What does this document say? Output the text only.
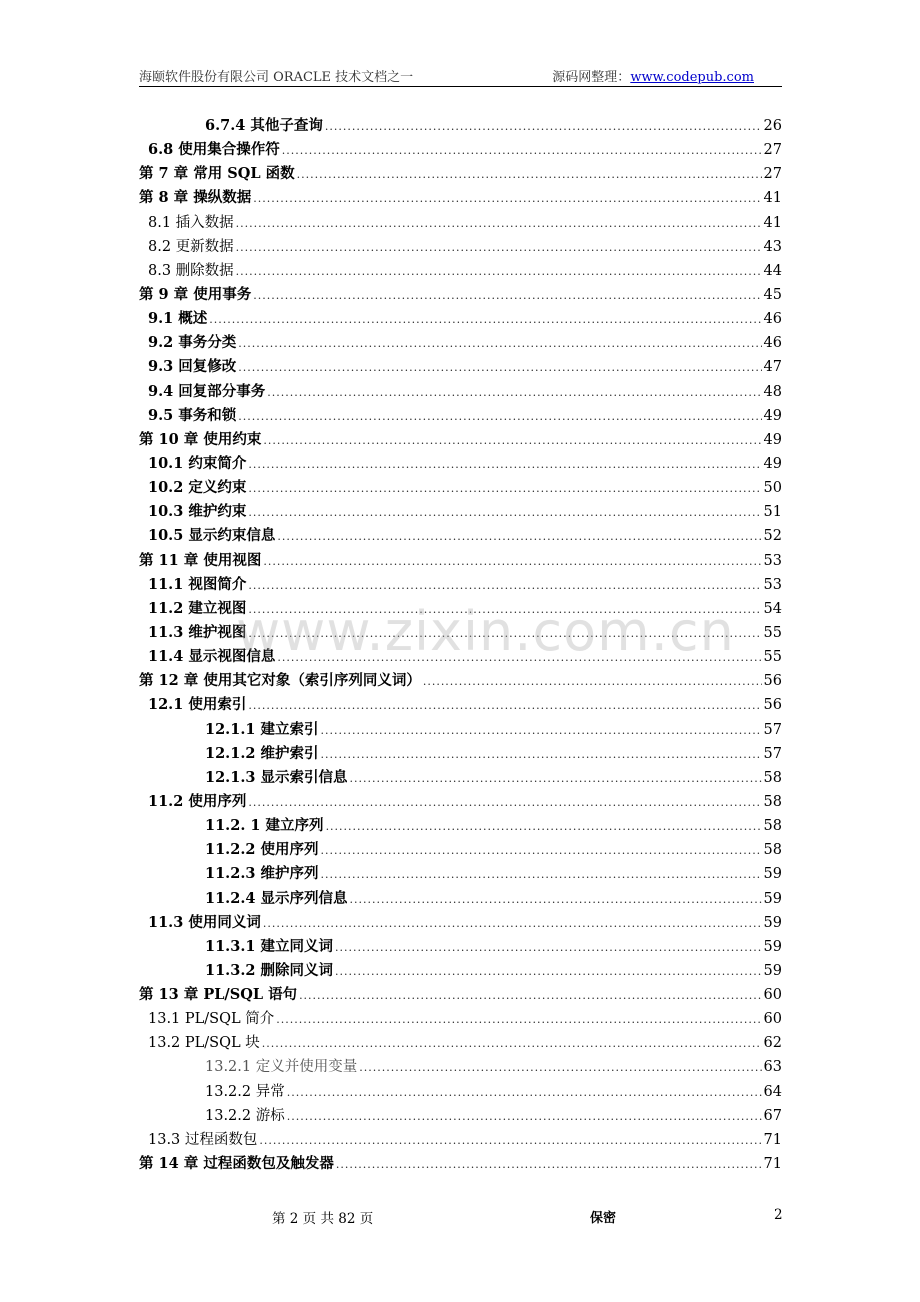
海颐软件股份有限公司 ORACLE 技术文档之一	源码网整理：www.codepub.com
6.7.4 其他子查询 .....	26
6.8 使用集合操作符 .....	27
第 7 章 常用 SQL 函数 .....	27
第 8 章 操纵数据 .....	41
8.1 插入数据 .....	41
8.2 更新数据 .....	43
8.3 删除数据 .....	44
第 9 章 使用事务 .....	45
9.1 概述 .....	46
9.2 事务分类 .....	46
9.3 回复修改 .....	47
9.4 回复部分事务 .....	48
9.5 事务和锁 .....	49
第 10 章 使用约束 .....	49
10.1 约束简介 .....	49
10.2 定义约束 .....	50
10.3 维护约束 .....	51
10.5 显示约束信息 .....	52
第 11 章 使用视图 .....	53
11.1 视图简介 .....	53
11.2 建立视图 .....	54
11.3 维护视图 .....	55
11.4 显示视图信息 .....	55
第 12 章 使用其它对象（索引序列同义词） .....	56
12.1 使用索引 .....	56
12.1.1 建立索引 .....	57
12.1.2 维护索引 .....	57
12.1.3 显示索引信息 .....	58
11.2 使用序列 .....	58
11.2. 1 建立序列 .....	58
11.2.2 使用序列 .....	58
11.2.3 维护序列 .....	59
11.2.4 显示序列信息 .....	59
11.3 使用同义词 .....	59
11.3.1 建立同义词 .....	59
11.3.2 删除同义词 .....	59
第 13 章 PL/SQL 语句 .....	60
13.1 PL/SQL 简介 .....	60
13.2 PL/SQL 块 .....	62
13.2.1 定义并使用变量 .....	63
13.2.2 异常 .....	64
13.2.2 游标 .....	67
13.3 过程函数包 .....	71
第 14 章 过程函数包及触发器 .....	71
www.zixin.com.cn
第 2 页 共 82 页	保密	2
